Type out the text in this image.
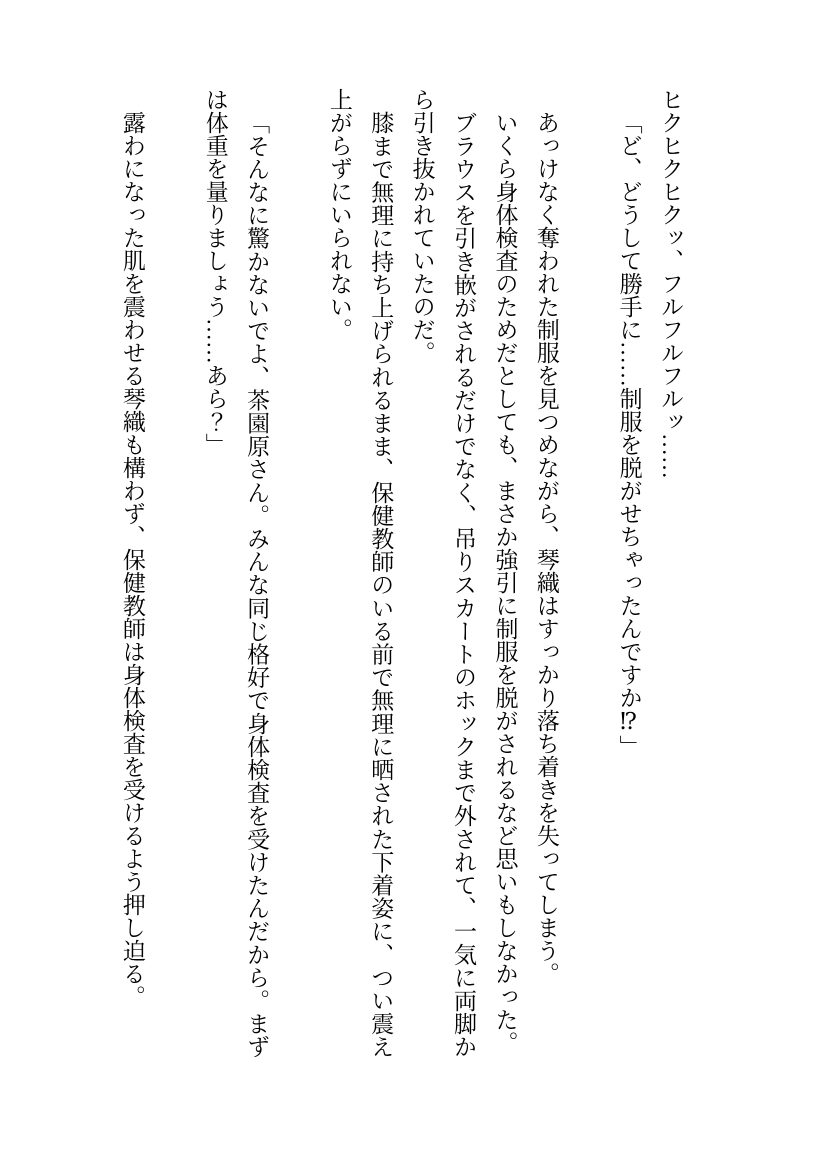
ヒクヒクヒクッ、フルフルフルッ……

「ど、どうして勝手に……制服を脱がせちゃったんですか⁉」

あっけなく奪われた制服を見つめながら、琴織はすっかり落ち着きを失ってしまう。

いくら身体検査のためだとしても、まさか強引に制服を脱がされるなど思いもしなかった。

ブラウスを引き嵌がされるだけでなく、吊りスカートのホックまで外されて、一気に両脚から引き抜かれていたのだ。

膝まで無理に持ち上げられるまま、保健教師のいる前で無理に晒された下着姿に、つい震え上がらずにいられない。

「そんなに驚かないでよ、茶園原さん。みんな同じ格好で身体検査を受けたんだから。まずは体重を量りましょう……あら？」

露わになった肌を震わせる琴織も構わず、保健教師は身体検査を受けるよう押し迫る。
